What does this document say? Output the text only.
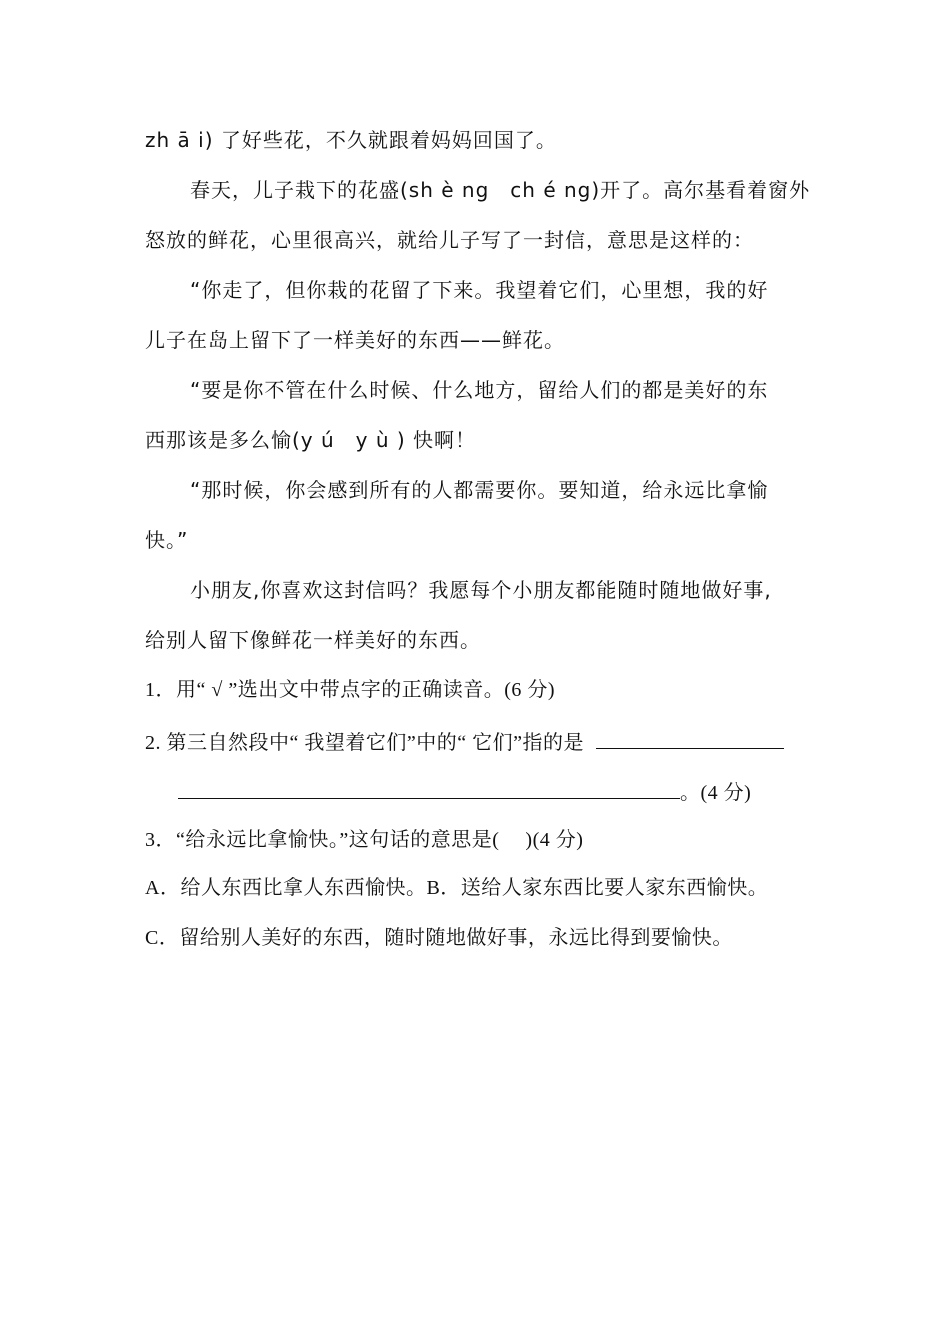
zh ā i) 了好些花，不久就跟着妈妈回国了。
春天，儿子栽下的花盛(sh è ng　ch é ng)开了。高尔基看着窗外
怒放的鲜花，心里很高兴，就给儿子写了一封信，意思是这样的：
“你走了，但你栽的花留了下来。我望着它们，心里想，我的好
儿子在岛上留下了一样美好的东西——鲜花。
“要是你不管在什么时候、什么地方，留给人们的都是美好的东
西那该是多么愉(y ú　y ù ) 快啊！
“那时候，你会感到所有的人都需要你。要知道，给永远比拿愉
快。”
小朋友,你喜欢这封信吗？我愿每个小朋友都能随时随地做好事,
给别人留下像鲜花一样美好的东西。
1．用“ √ ”选出文中带点字的正确读音。(6 分)
2. 第三自然段中“ 我望着它们”中的“ 它们”指的是
。(4 分)
3．“给永远比拿愉快。”这句话的意思是(　 )(4 分)
A．给人东西比拿人东西愉快。B．送给人家东西比要人家东西愉快。
C．留给别人美好的东西，随时随地做好事，永远比得到要愉快。
